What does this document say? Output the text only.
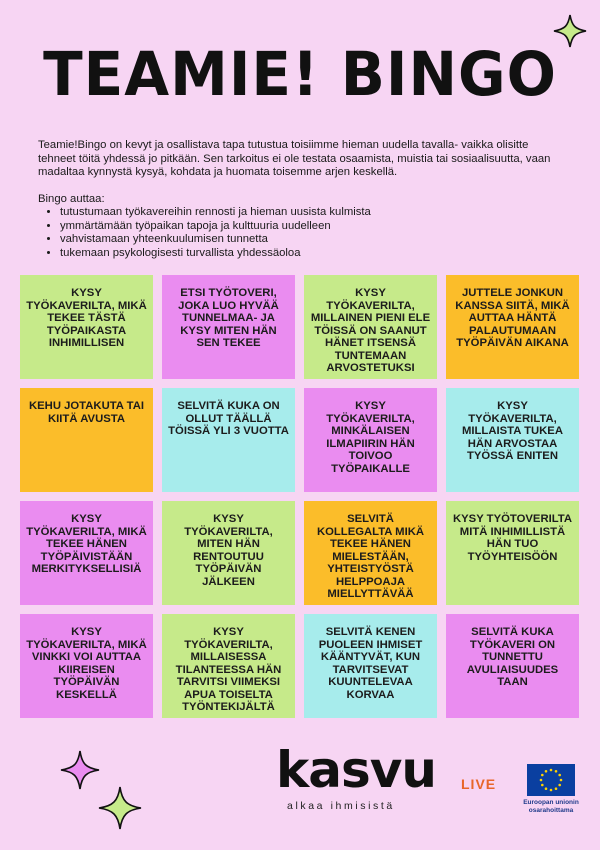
TEAMIE! BINGO

Teamie!Bingo on kevyt ja osallistava tapa tutustua toisiimme hieman uudella tavalla- vaikka olisitte tehneet töitä yhdessä jo pitkään. Sen tarkoitus ei ole testata osaamista, muistia tai sosiaalisuutta, vaan madaltaa kynnystä kysyä, kohdata ja huomata toisemme arjen keskellä.

Bingo auttaa:

• tutustumaan työkavereihin rennosti ja hieman uusista kulmista
• ymmärtämään työpaikan tapoja ja kulttuuria uudelleen
• vahvistamaan yhteenkuulumisen tunnetta
• tukemaan psykologisesti turvallista yhdessäoloa
KYSY TYÖKAVERILTA, MIKÄ TEKEE TÄSTÄ TYÖPAIKASTA INHIMILLISEN
ETSI TYÖTOVERI, JOKA LUO HYVÄÄ TUNNELMAA- JA KYSY MITEN HÄN SEN TEKEE
KYSY TYÖKAVERILTA, MILLAINEN PIENI ELE TÖISSÄ ON SAANUT HÄNET ITSENSÄ TUNTEMAAN ARVOSTETUKSI
JUTTELE JONKUN KANSSA SIITÄ, MIKÄ AUTTAA HÄNTÄ PALAUTUMAAN TYÖPÄIVÄN AIKANA
KEHU JOTAKUTA TAI KIITÄ AVUSTA
SELVITÄ KUKA ON OLLUT TÄÄLLÄ TÖISSÄ YLI 3 VUOTTA
KYSY TYÖKAVERILTA, MINKÄLAISEN ILMAPIIRIN HÄN TOIVOO TYÖPAIKALLE
KYSY TYÖKAVERILTA, MILLAISTA TUKEA HÄN ARVOSTAA TYÖSSÄ ENITEN
KYSY TYÖKAVERILTA, MIKÄ TEKEE HÄNEN TYÖPÄIVISTÄÄN MERKITYKSELLISIÄ
KYSY TYÖKAVERILTA, MITEN HÄN RENTOUTUU TYÖPÄIVÄN JÄLKEEN
SELVITÄ KOLLEGALTA MIKÄ TEKEE HÄNEN MIELESTÄÄN, YHTEISTYÖSTÄ HELPPOAJA MIELLYTTÄVÄÄ
KYSY TYÖTOVERILTA MITÄ INHIMILLISTÄ HÄN TUO TYÖYHTEISÖÖN
KYSY TYÖKAVERILTA, MIKÄ VINKKI VOI AUTTAA KIIREISEN TYÖPÄIVÄN KESKELLÄ
KYSY TYÖKAVERILTA, MILLAISESSA TILANTEESSA HÄN TARVITSI VIIMEKSI APUA TOISELTA TYÖNTEKIJÄLTÄ
SELVITÄ KENEN PUOLEEN IHMISET KÄÄNTYVÄT, KUN TARVITSEVAT KUUNTELEVAA KORVAA
SELVITÄ KUKA TYÖKAVERI ON TUNNETTU AVULIAISUUDES TAAN
kasvu
alkaa ihmisistä
LIVE
Euroopan unionin osarahoittama
